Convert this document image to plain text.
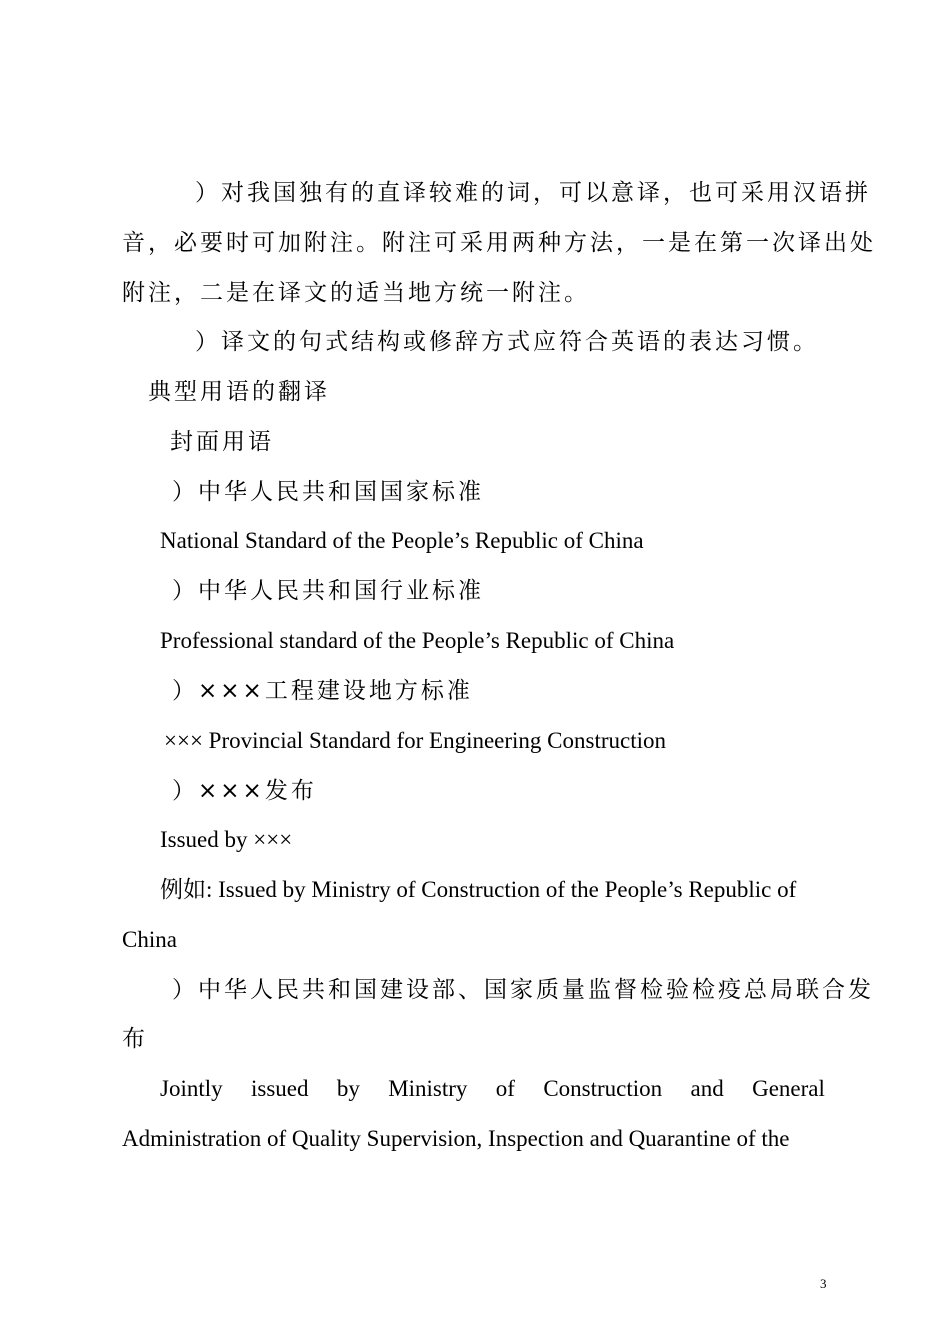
）对我国独有的直译较难的词，可以意译，也可采用汉语拼
音，必要时可加附注。附注可采用两种方法，一是在第一次译出处
附注，二是在译文的适当地方统一附注。
）译文的句式结构或修辞方式应符合英语的表达习惯。
典型用语的翻译
封面用语
）中华人民共和国国家标准
National Standard of the People’s Republic of China
）中华人民共和国行业标准
Professional standard of the People’s Republic of China
）×××工程建设地方标准
××× Provincial Standard for Engineering Construction
）×××发布
Issued by ×××
例如: Issued by Ministry of Construction of the People’s Republic of
China
）中华人民共和国建设部、国家质量监督检验检疫总局联合发
布
Jointly issued by Ministry of Construction and General
Administration of Quality Supervision, Inspection and Quarantine of the
3
